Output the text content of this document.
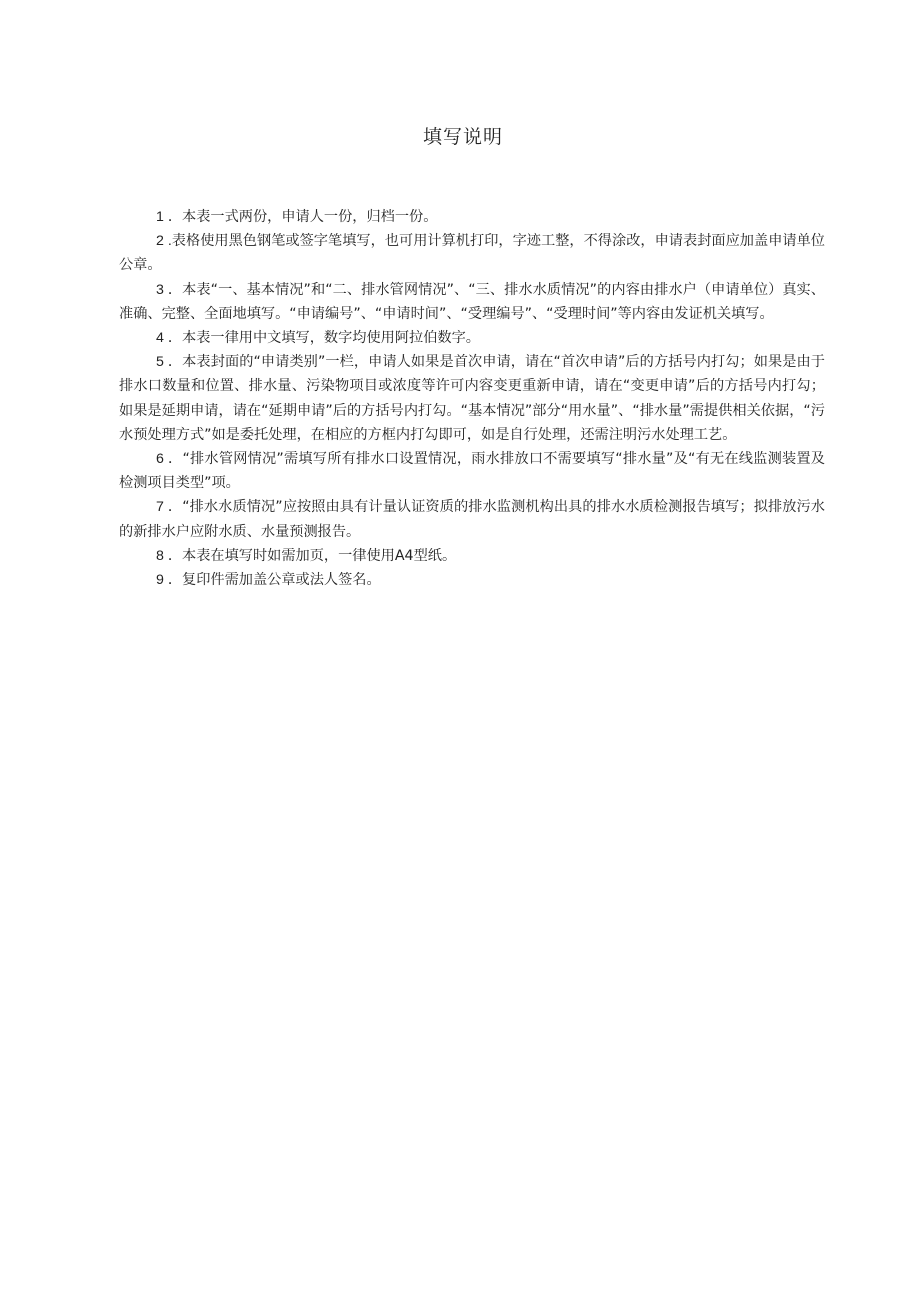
填写说明

1 ．本表一式两份，申请人一份，归档一份。

2 .表格使用黑色钢笔或签字笔填写，也可用计算机打印，字迹工整，不得涂改，申请表封面应加盖申请单位公章。

3 ．本表“一、基本情况”和“二、排水管网情况”、“三、排水水质情况”的内容由排水户（申请单位）真实、准确、完整、全面地填写。“申请编号”、“申请时间”、“受理编号”、“受理时间”等内容由发证机关填写。

4 ．本表一律用中文填写，数字均使用阿拉伯数字。

5 ．本表封面的“申请类别”一栏，申请人如果是首次申请，请在“首次申请”后的方括号内打勾；如果是由于排水口数量和位置、排水量、污染物项目或浓度等许可内容变更重新申请，请在“变更申请”后的方括号内打勾；如果是延期申请，请在“延期申请”后的方括号内打勾。“基本情况”部分“用水量”、“排水量”需提供相关依据，“污水预处理方式”如是委托处理，在相应的方框内打勾即可，如是自行处理，还需注明污水处理工艺。

6 ．“排水管网情况”需填写所有排水口设置情况，雨水排放口不需要填写“排水量”及“有无在线监测装置及检测项目类型”项。

7 ．“排水水质情况”应按照由具有计量认证资质的排水监测机构出具的排水水质检测报告填写；拟排放污水的新排水户应附水质、水量预测报告。

8 ．本表在填写时如需加页，一律使用A4型纸。

9 ．复印件需加盖公章或法人签名。
